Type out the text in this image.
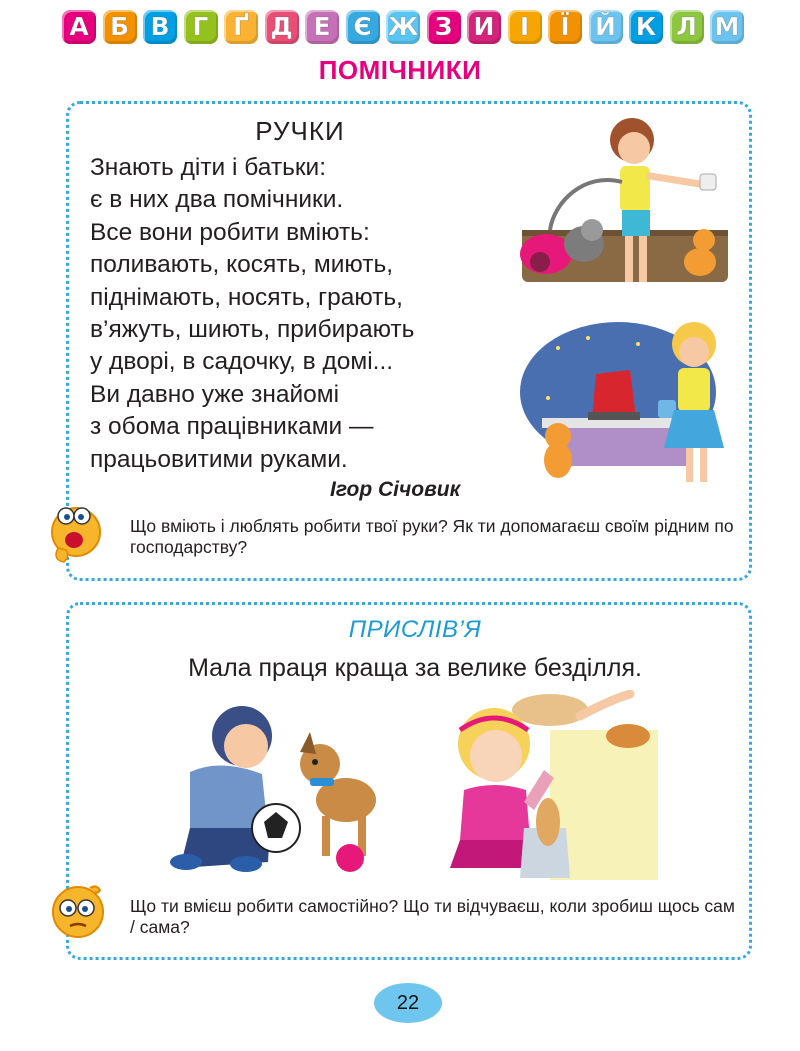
А Б В Г Ґ Д Е Є Ж З И	І	Ї	Й К Л М
ПОМІЧНИКИ
РУЧКИ
Знають діти і батьки:
є в них два помічники.
Все вони робити вміють:
поливають, косять, миють,
піднімають, носять, грають,
в’яжуть, шиють, прибирають
у дворі, в садочку, в домі...
Ви давно уже знайомі
з обома працівниками —
працьовитими руками.
Ігор Січовик
Що вміють і люблять робити твої руки? Як ти допомагаєш своїм рідним по господарству?
ПРИСЛІВ’Я
Мала праця краща за велике безділля.
Що ти вмієш робити самостійно? Що ти відчуваєш, коли зробиш щось сам / сама?
22
